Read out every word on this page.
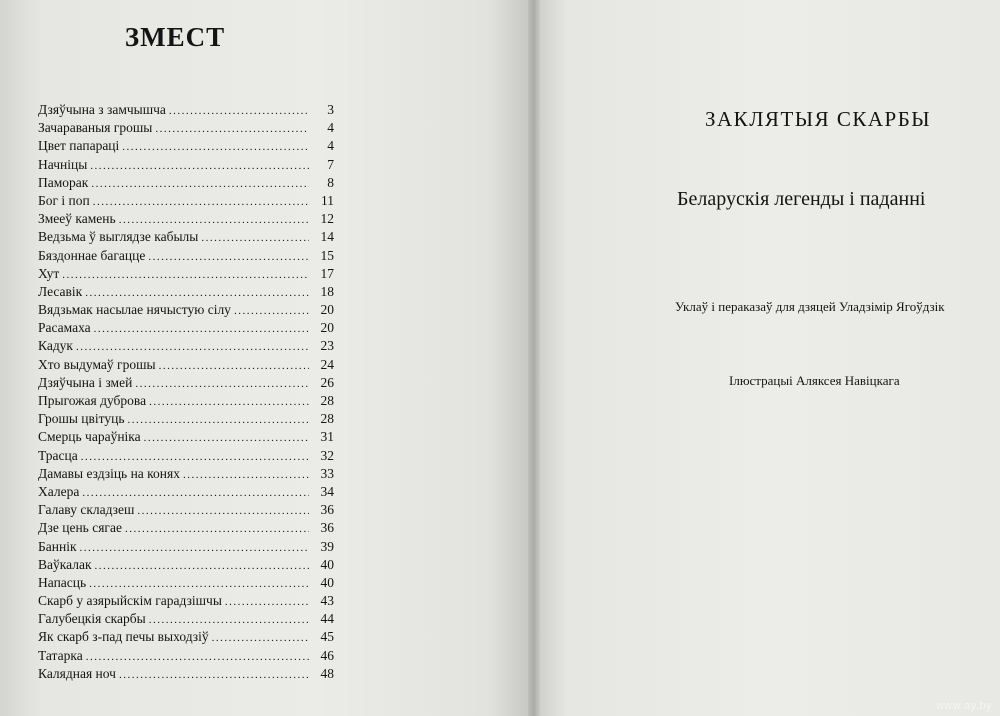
ЗМЕСТ
Дзяўчына з замчышча .....	3
Зачараваныя грошы .....	4
Цвет папараці .....	4
Начніцы .....	7
Паморак .....	8
Бог і поп .....	11
Змееў камень .....	12
Ведзьма ў выглядзе кабылы .....	14
Бяздоннае багацце .....	15
Хут .....	17
Лесавік .....	18
Вядзьмак насылае нячыстую сілу .....	20
Расамаха .....	20
Кадук .....	23
Хто выдумаў грошы .....	24
Дзяўчына і змей .....	26
Прыгожая дуброва .....	28
Грошы цвітуць .....	28
Смерць чараўніка .....	31
Трасца .....	32
Дамавы ездзіць на конях .....	33
Халера .....	34
Галаву складзеш .....	36
Дзе цень сягае .....	36
Баннік .....	39
Ваўкалак .....	40
Напасць .....	40
Скарб у азярыйскім гарадзішчы .....	43
Галубецкія скарбы .....	44
Як скарб з-пад печы выходзіў .....	45
Татарка .....	46
Калядная ноч .....	48
ЗАКЛЯТЫЯ СКАРБЫ
Беларускія легенды і паданні
Уклаў і пераказаў для дзяцей Уладзімір Ягоўдзік
Ілюстрацыі Аляксея Навіцкага
www.ay.by
